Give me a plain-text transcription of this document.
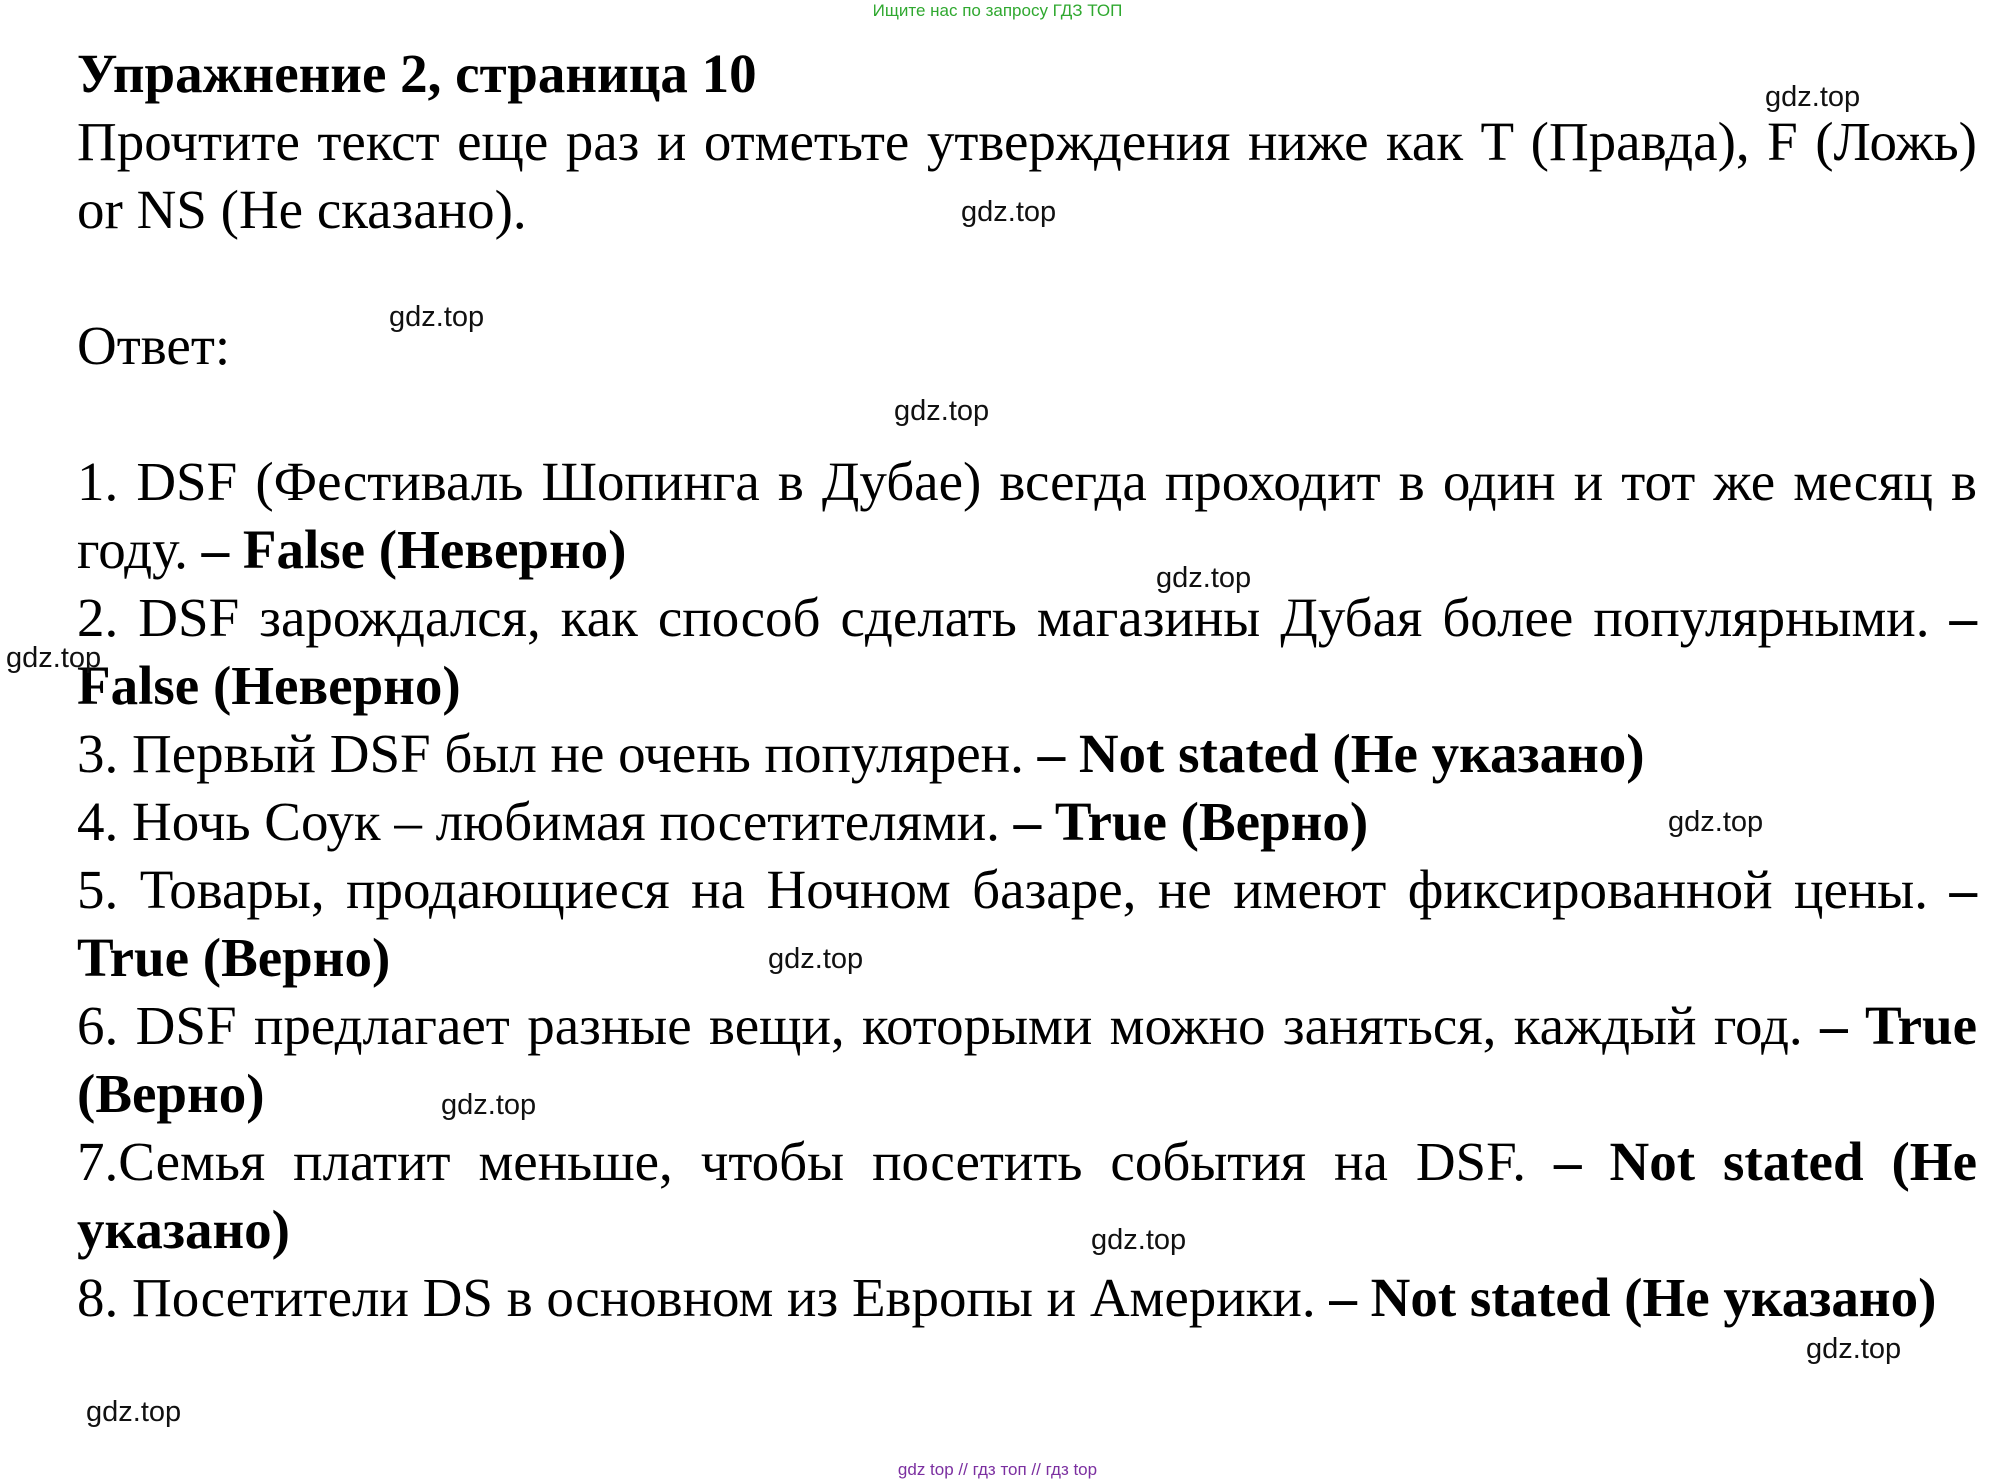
Ищите нас по запросу ГДЗ ТОП

Упражнение 2, страница 10

Прочтите текст еще раз и отметьте утверждения ниже как T (Правда), F (Ложь) or NS (Не сказано).

Ответ:

1. DSF (Фестиваль Шопинга в Дубае) всегда проходит в один и тот же месяц в году. – False (Неверно)

2. DSF зарождался, как способ сделать магазины Дубая более популярными. – False (Неверно)

3. Первый DSF был не очень популярен. – Not stated (Не указано)

4. Ночь Соук – любимая посетителями. – True (Верно)

5. Товары, продающиеся на Ночном базаре, не имеют фиксированной цены. – True (Верно)

6. DSF предлагает разные вещи, которыми можно заняться, каждый год. – True (Верно)

7.Семья платит меньше, чтобы посетить события на DSF. – Not stated (Не указано)

8. Посетители DS в основном из Европы и Америки. – Not stated (Не указано)

gdz.top
gdz.top
gdz.top
gdz.top
gdz.top
gdz.top
gdz.top
gdz.top
gdz.top
gdz.top
gdz.top
gdz.top
gdz top // гдз топ // гдз top
